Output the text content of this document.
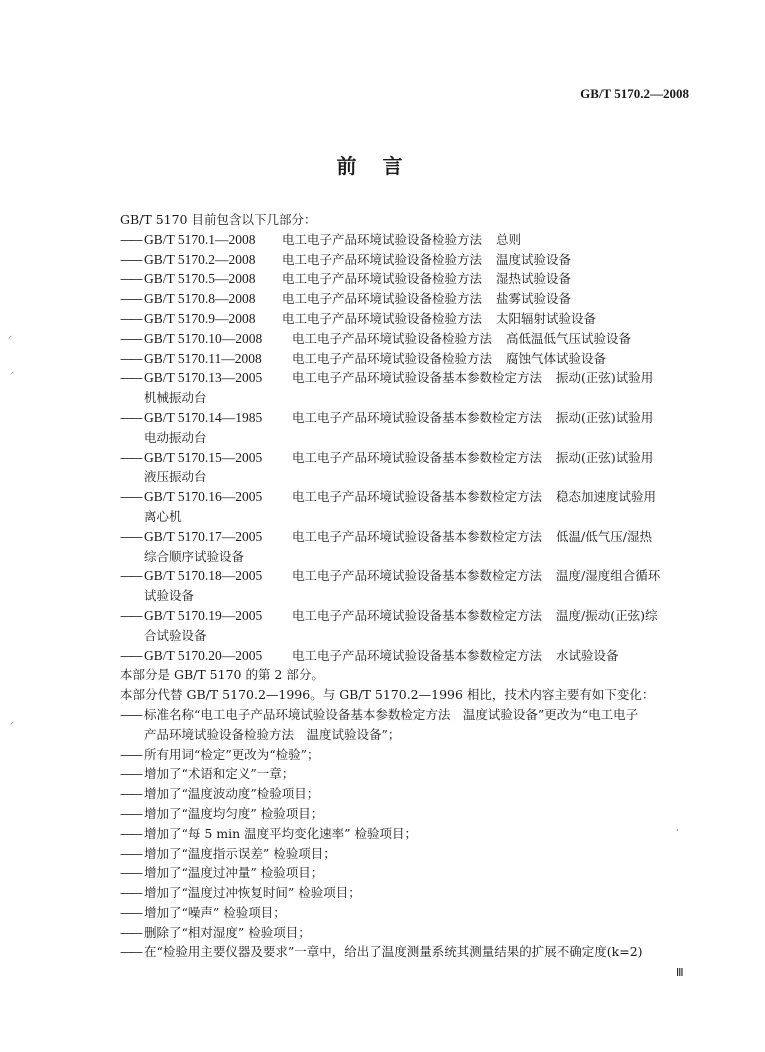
GB/T 5170.2—2008
前言
GB/T 5170 目前包含以下几部分：
—— GB/T 5170.1—2008 电工电子产品环境试验设备检验方法 总则
—— GB/T 5170.2—2008 电工电子产品环境试验设备检验方法 温度试验设备
—— GB/T 5170.5—2008 电工电子产品环境试验设备检验方法 湿热试验设备
—— GB/T 5170.8—2008 电工电子产品环境试验设备检验方法 盐雾试验设备
—— GB/T 5170.9—2008 电工电子产品环境试验设备检验方法 太阳辐射试验设备
—— GB/T 5170.10—2008 电工电子产品环境试验设备检验方法 高低温低气压试验设备
—— GB/T 5170.11—2008 电工电子产品环境试验设备检验方法 腐蚀气体试验设备
—— GB/T 5170.13—2005 电工电子产品环境试验设备基本参数检定方法 振动(正弦)试验用
机械振动台
—— GB/T 5170.14—1985 电工电子产品环境试验设备基本参数检定方法 振动(正弦)试验用
电动振动台
—— GB/T 5170.15—2005 电工电子产品环境试验设备基本参数检定方法 振动(正弦)试验用
液压振动台
—— GB/T 5170.16—2005 电工电子产品环境试验设备基本参数检定方法 稳态加速度试验用
离心机
—— GB/T 5170.17—2005 电工电子产品环境试验设备基本参数检定方法 低温/低气压/湿热
综合顺序试验设备
—— GB/T 5170.18—2005 电工电子产品环境试验设备基本参数检定方法 温度/湿度组合循环
试验设备
—— GB/T 5170.19—2005 电工电子产品环境试验设备基本参数检定方法 温度/振动(正弦)综
合试验设备
—— GB/T 5170.20—2005 电工电子产品环境试验设备基本参数检定方法 水试验设备
本部分是 GB/T 5170 的第 2 部分。
本部分代替 GB/T 5170.2—1996。与 GB/T 5170.2—1996 相比，技术内容主要有如下变化：
—— 标准名称“电工电子产品环境试验设备基本参数检定方法　温度试验设备”更改为“电工电子
产品环境试验设备检验方法　温度试验设备”；
—— 所有用词“检定”更改为“检验”；
—— 增加了“术语和定义”一章；
—— 增加了“温度波动度”检验项目；
—— 增加了“温度均匀度” 检验项目；
—— 增加了“每 5 min 温度平均变化速率” 检验项目；
—— 增加了“温度指示误差” 检验项目；
—— 增加了“温度过冲量” 检验项目；
—— 增加了“温度过冲恢复时间” 检验项目；
—— 增加了“噪声” 检验项目；
—— 删除了“相对湿度” 检验项目；
—— 在“检验用主要仪器及要求”一章中，给出了温度测量系统其测量结果的扩展不确定度(k=2)
Ⅲ
⸝
⸝
⸝
ʻ
